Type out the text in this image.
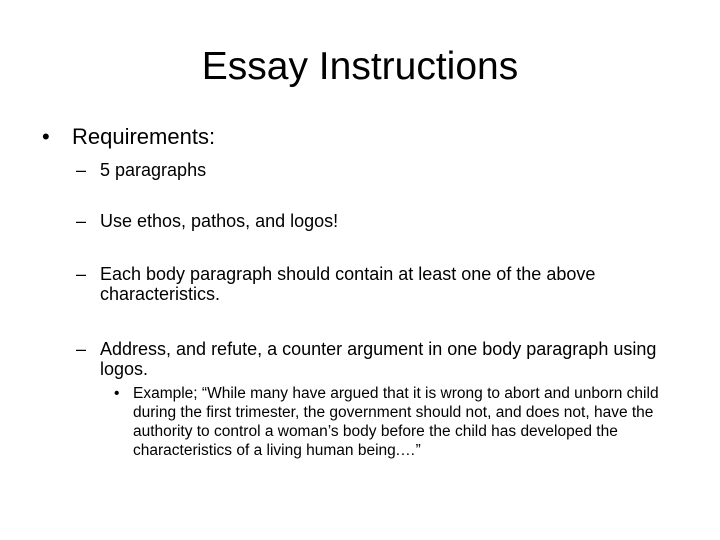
Essay Instructions
• Requirements:
– 5 paragraphs
– Use ethos, pathos, and logos!
– Each body paragraph should contain at least one of the above characteristics.
– Address, and refute, a counter argument in one body paragraph using logos.
• Example; “While many have argued that it is wrong to abort and unborn child during the first trimester, the government should not, and does not, have the authority to control a woman’s body before the child has developed the characteristics of a living human being.…”
